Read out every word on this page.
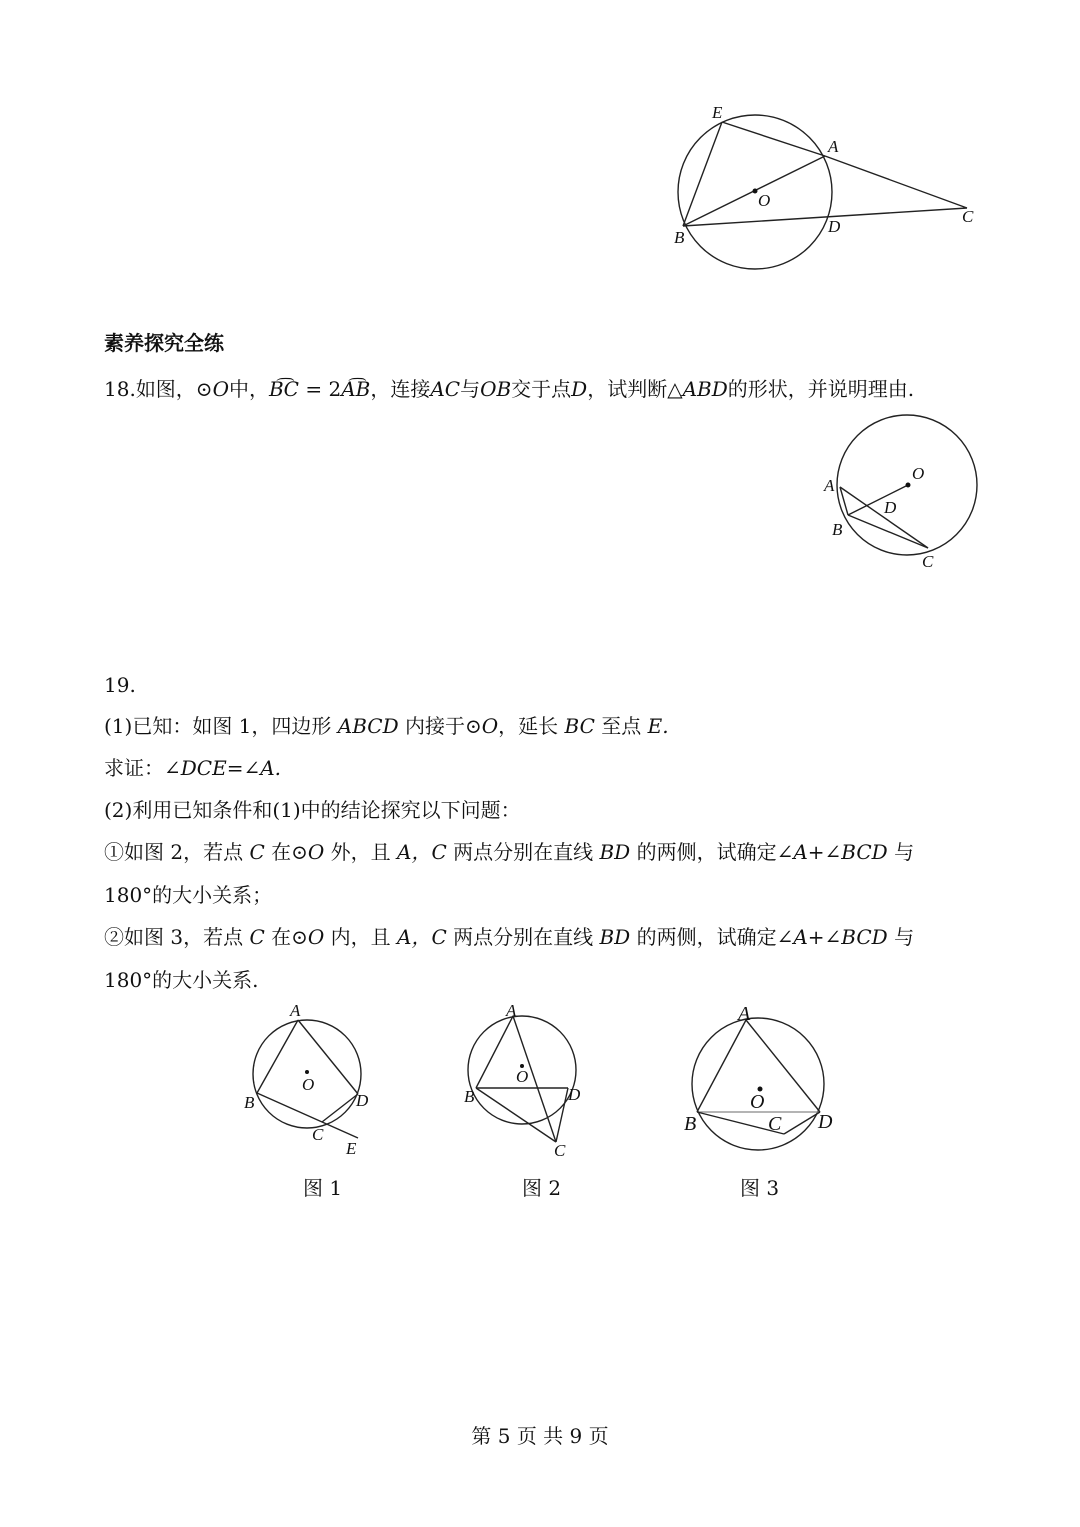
E
A
O
C
B
D
素养探究全练
18.如图，⊙O中，B͡C = 2A͡B，连接AC与OB交于点D，试判断△ABD的形状，并说明理由.
A
O
D
B
C
19.
(1)已知：如图 1，四边形 ABCD 内接于⊙O，延长 BC 至点 E.
求证：∠DCE=∠A.
(2)利用已知条件和(1)中的结论探究以下问题：
①如图 2，若点 C 在⊙O 外，且 A，C 两点分别在直线 BD 的两侧，试确定∠A+∠BCD 与
180°的大小关系；
②如图 3，若点 C 在⊙O 内，且 A，C 两点分别在直线 BD 的两侧，试确定∠A+∠BCD 与
180°的大小关系.
A
O
B	D
C
E
图 1
A
O
B	D
C
图 2
A
O
B	C D
图 3
第 5 页 共 9 页
